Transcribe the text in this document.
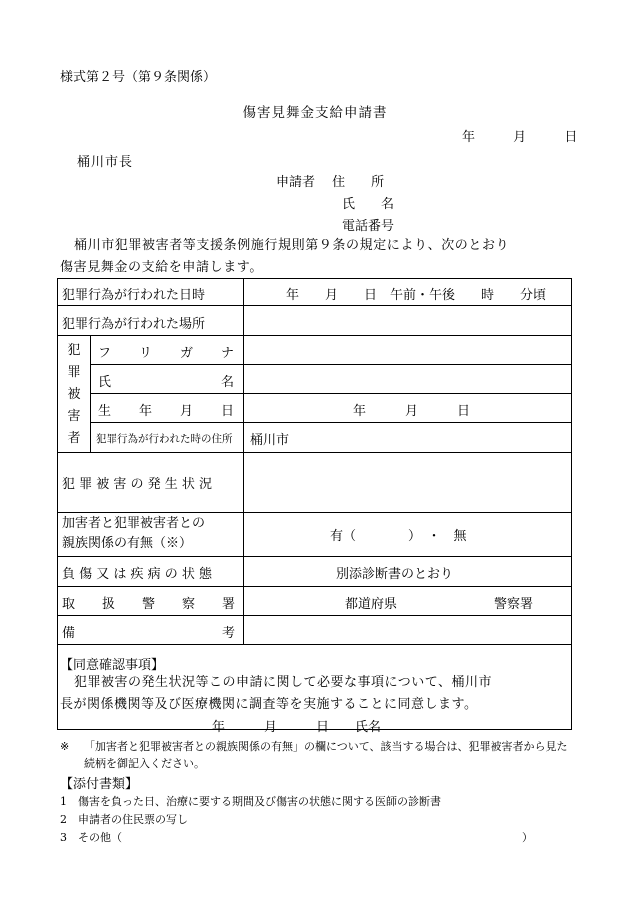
様式第２号（第９条関係）
傷害見舞金支給申請書
年	月	日
桶川市長
申請者 住　　所
氏　　名
電話番号
桶川市犯罪被害者等支援条例施行規則第９条の規定により、次のとおり
傷害見舞金の支給を申請します。
犯罪行為が行われた日時	年　　月　　日　午前・午後　　時　　分頃
犯罪行為が行われた場所
犯
罪
被
害
者
フ リ ガ ナ
氏	名
生 年 月 日	年　　　月　　　日
犯罪行為が行われた時の住所 桶川市
犯 罪 被 害 の 発 生 状 況
加害者と犯罪被害者との
親族関係の有無（※）	有（　　　　）　・　無
負 傷 又 は 疾 病 の 状 態	別添診断書のとおり
取 扱 警 察 署	都道府県	警察署
備	考
【同意確認事項】
犯罪被害の発生状況等この申請に関して必要な事項について、桶川市
長が関係機関等及び医療機関に調査等を実施することに同意します。
年　　　月　　　日　　氏名
※	「加害者と犯罪被害者との親族関係の有無」の欄について、該当する場合は、犯罪被害者から見た続柄を御記入ください。
【添付書類】
1　傷害を負った日、治療に要する期間及び傷害の状態に関する医師の診断書
2　申請者の住民票の写し
3　その他（	）
